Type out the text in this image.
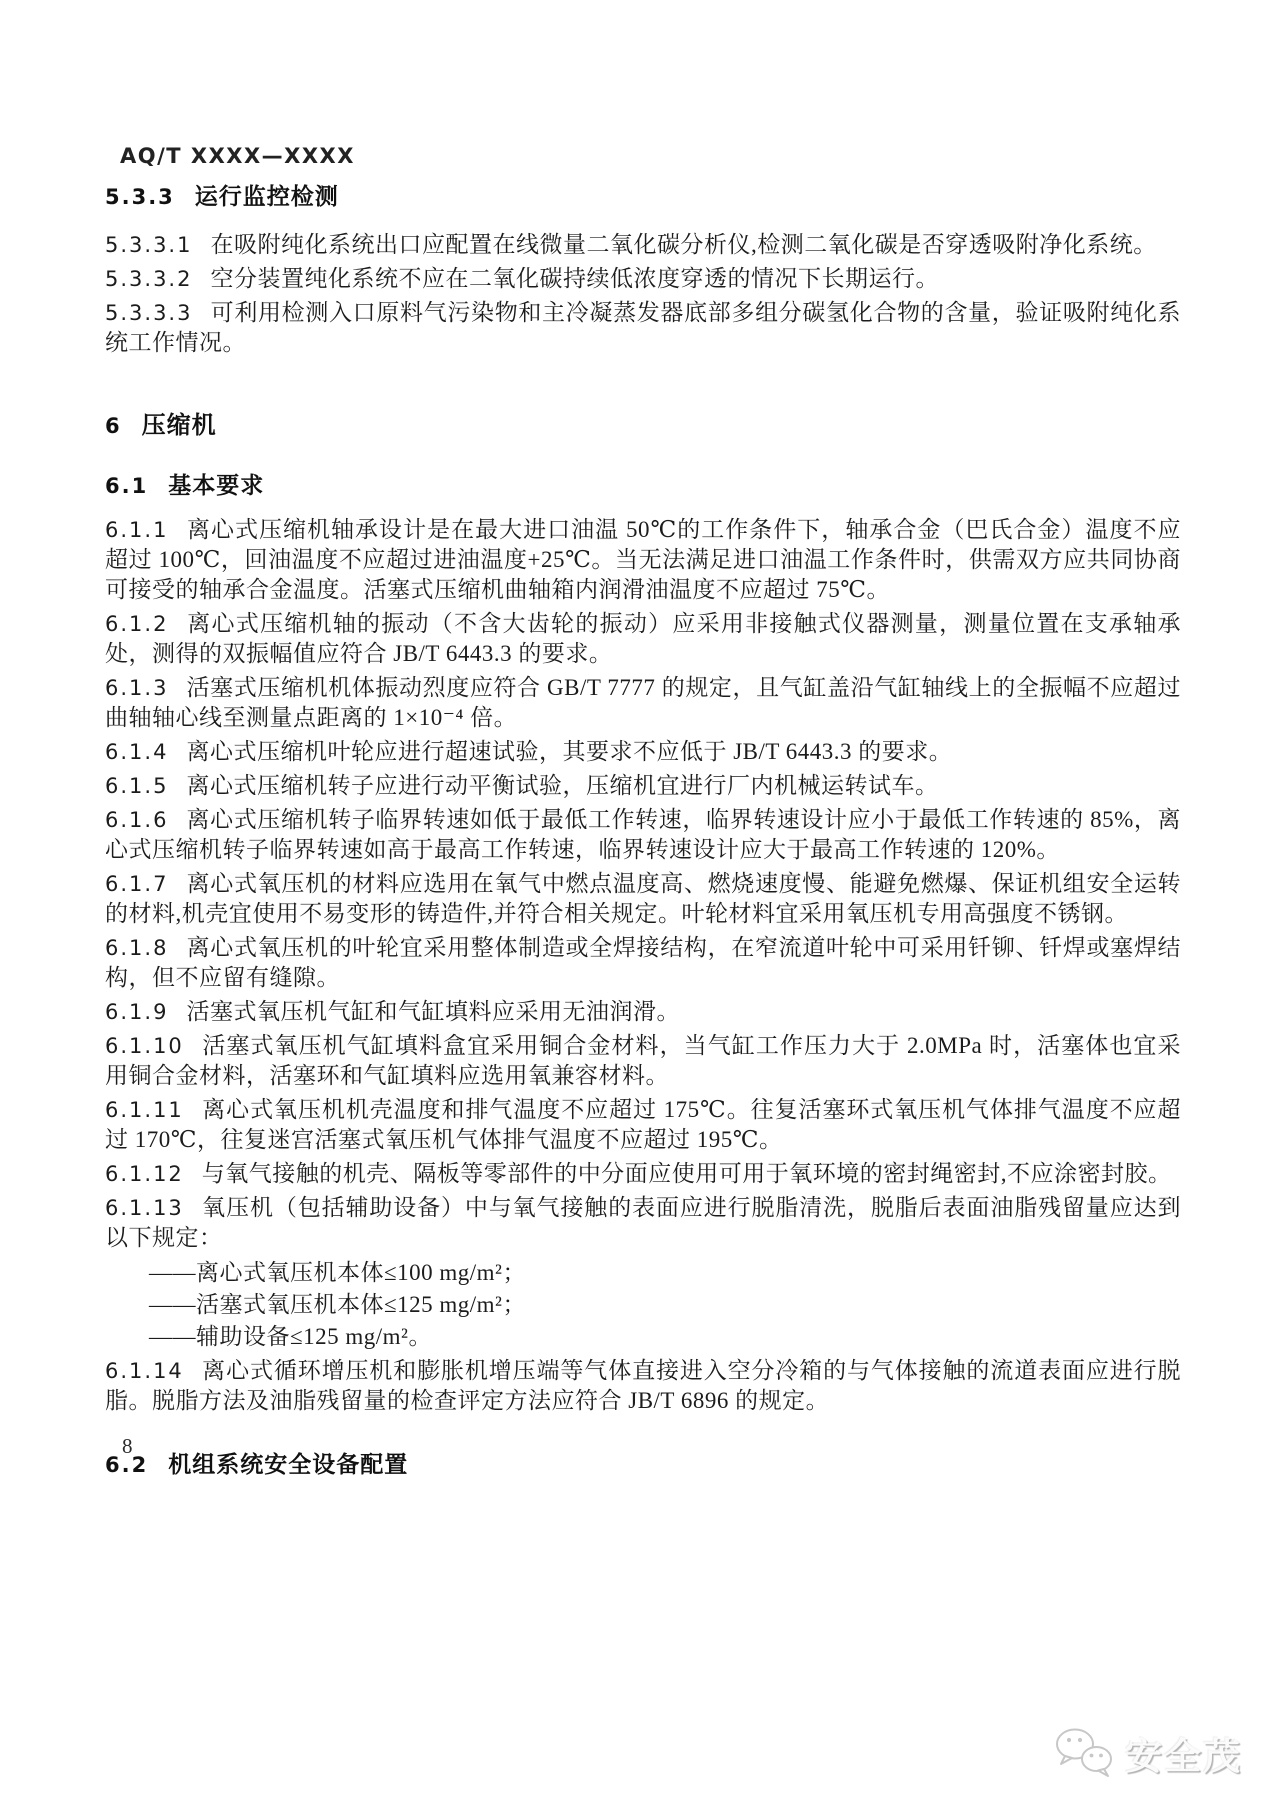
AQ/T XXXX—XXXX
5.3.3 运行监控检测
5.3.3.1 在吸附纯化系统出口应配置在线微量二氧化碳分析仪,检测二氧化碳是否穿透吸附净化系统。
5.3.3.2 空分装置纯化系统不应在二氧化碳持续低浓度穿透的情况下长期运行。
5.3.3.3 可利用检测入口原料气污染物和主冷凝蒸发器底部多组分碳氢化合物的含量，验证吸附纯化系统工作情况。
6 压缩机
6.1 基本要求
6.1.1 离心式压缩机轴承设计是在最大进口油温 50℃的工作条件下，轴承合金（巴氏合金）温度不应超过 100℃，回油温度不应超过进油温度+25℃。当无法满足进口油温工作条件时，供需双方应共同协商可接受的轴承合金温度。活塞式压缩机曲轴箱内润滑油温度不应超过 75℃。
6.1.2 离心式压缩机轴的振动（不含大齿轮的振动）应采用非接触式仪器测量，测量位置在支承轴承处，测得的双振幅值应符合 JB/T 6443.3 的要求。
6.1.3 活塞式压缩机机体振动烈度应符合 GB/T 7777 的规定，且气缸盖沿气缸轴线上的全振幅不应超过曲轴轴心线至测量点距离的 1×10⁻⁴ 倍。
6.1.4 离心式压缩机叶轮应进行超速试验，其要求不应低于 JB/T 6443.3 的要求。
6.1.5 离心式压缩机转子应进行动平衡试验，压缩机宜进行厂内机械运转试车。
6.1.6 离心式压缩机转子临界转速如低于最低工作转速，临界转速设计应小于最低工作转速的 85%，离心式压缩机转子临界转速如高于最高工作转速，临界转速设计应大于最高工作转速的 120%。
6.1.7 离心式氧压机的材料应选用在氧气中燃点温度高、燃烧速度慢、能避免燃爆、保证机组安全运转的材料,机壳宜使用不易变形的铸造件,并符合相关规定。叶轮材料宜采用氧压机专用高强度不锈钢。
6.1.8 离心式氧压机的叶轮宜采用整体制造或全焊接结构，在窄流道叶轮中可采用钎铆、钎焊或塞焊结构，但不应留有缝隙。
6.1.9 活塞式氧压机气缸和气缸填料应采用无油润滑。
6.1.10 活塞式氧压机气缸填料盒宜采用铜合金材料，当气缸工作压力大于 2.0MPa 时，活塞体也宜采用铜合金材料，活塞环和气缸填料应选用氧兼容材料。
6.1.11 离心式氧压机机壳温度和排气温度不应超过 175℃。往复活塞环式氧压机气体排气温度不应超过 170℃，往复迷宫活塞式氧压机气体排气温度不应超过 195℃。
6.1.12 与氧气接触的机壳、隔板等零部件的中分面应使用可用于氧环境的密封绳密封,不应涂密封胶。
6.1.13 氧压机（包括辅助设备）中与氧气接触的表面应进行脱脂清洗，脱脂后表面油脂残留量应达到以下规定：
——离心式氧压机本体≤100 mg/m²；
——活塞式氧压机本体≤125 mg/m²；
——辅助设备≤125 mg/m²。
6.1.14 离心式循环增压机和膨胀机增压端等气体直接进入空分冷箱的与气体接触的流道表面应进行脱脂。脱脂方法及油脂残留量的检查评定方法应符合 JB/T 6896 的规定。
6.2 机组系统安全设备配置
8
安全茂
